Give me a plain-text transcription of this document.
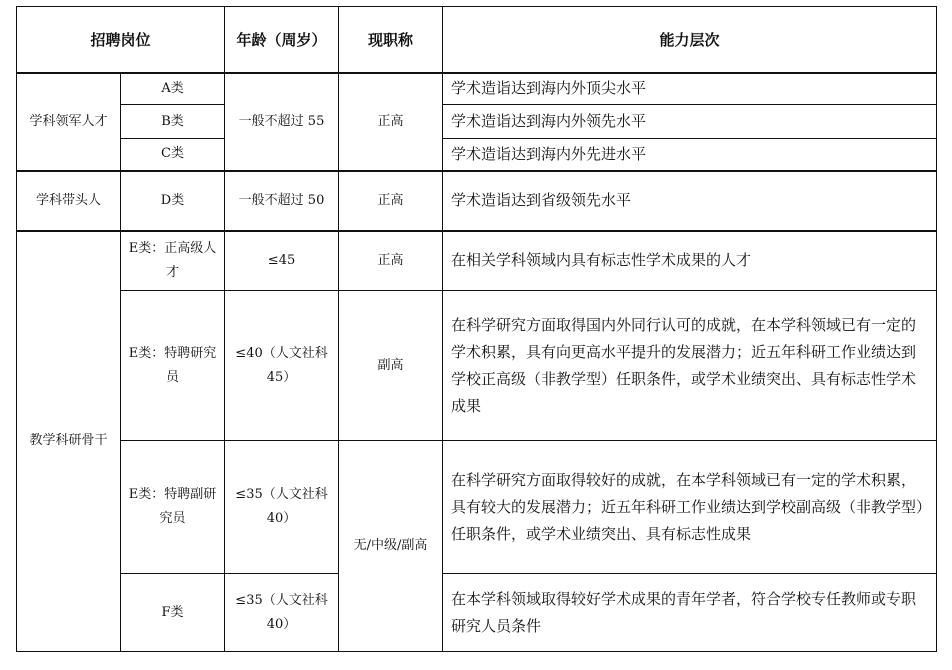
招聘岗位		年龄（周岁）	现职称	能力层次
学科领军人才	A类	一般不超过 55	正高	学术造诣达到海内外顶尖水平
	B类			学术造诣达到海内外领先水平
	C类			学术造诣达到海内外先进水平
学科带头人	D类	一般不超过 50	正高	学术造诣达到省级领先水平
教学科研骨干	E类：正高级人才	≤45	正高	在相关学科领域内具有标志性学术成果的人才
	E类：特聘研究员	≤40（人文社科45）	副高	在科学研究方面取得国内外同行认可的成就，在本学科领域已有一定的学术积累，具有向更高水平提升的发展潜力；近五年科研工作业绩达到学校正高级（非教学型）任职条件，或学术业绩突出、具有标志性学术成果
	E类：特聘副研究员	≤35（人文社科40）	无/中级/副高	在科学研究方面取得较好的成就，在本学科领域已有一定的学术积累，具有较大的发展潜力；近五年科研工作业绩达到学校副高级（非教学型）任职条件，或学术业绩突出、具有标志性成果
	F类	≤35（人文社科40）		在本学科领域取得较好学术成果的青年学者，符合学校专任教师或专职研究人员条件
